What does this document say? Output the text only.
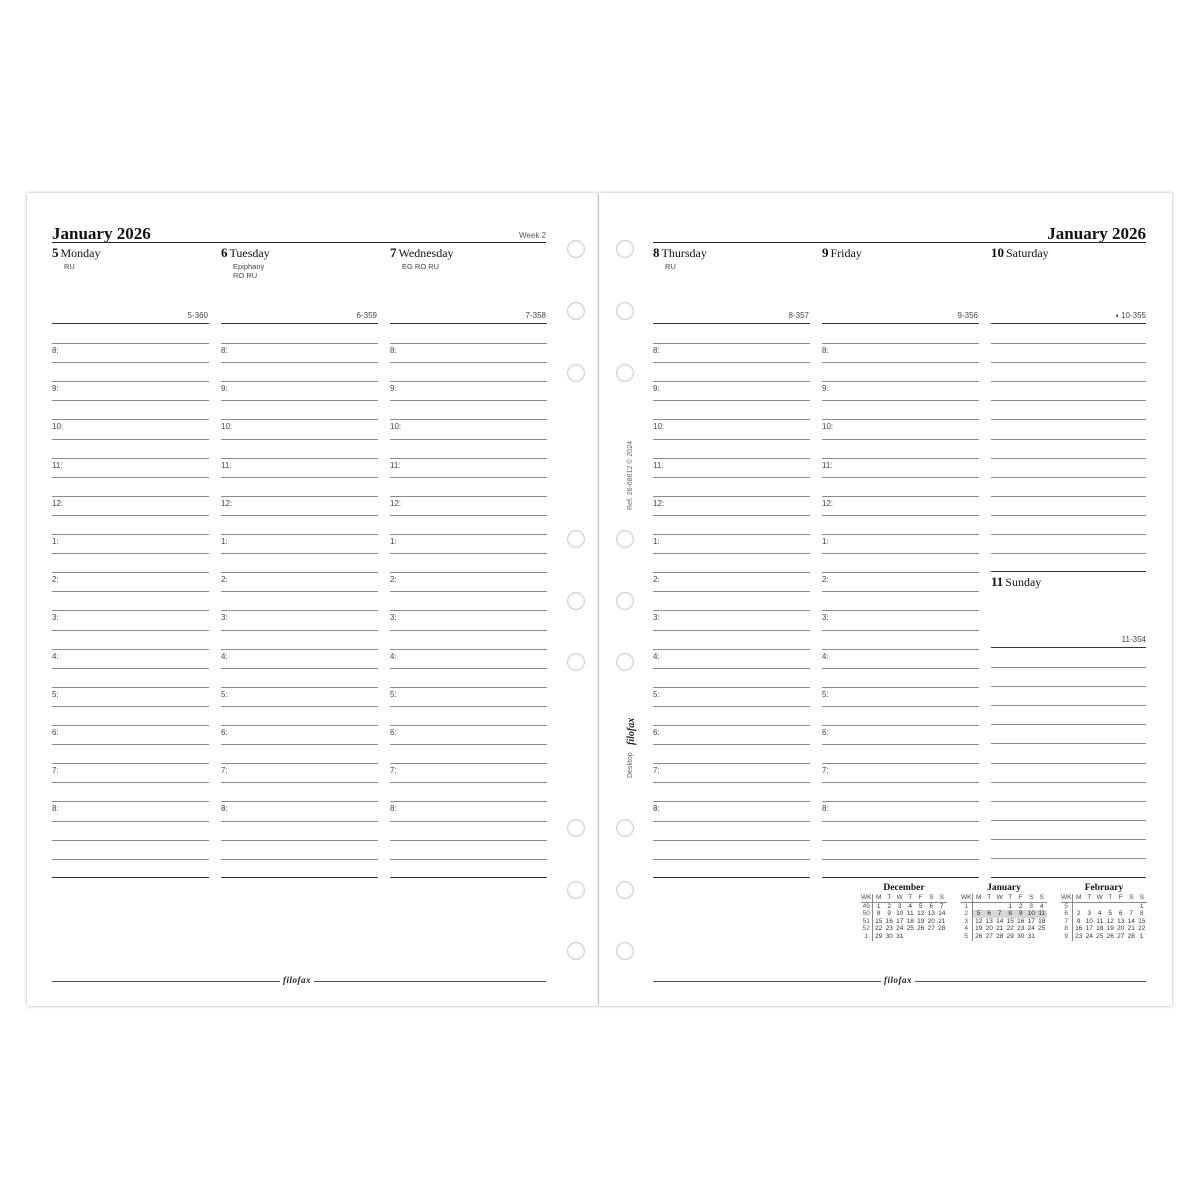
January 2026	Week 2	January 2026
5 Monday
RU
6 Tuesday
Epiphany
RO RU
7 Wednesday
EG RO RU
8 Thursday
RU
9 Friday	10 Saturday
11 Sunday
5-360	6-359	7-358	8-357	9-356	◑ 10-355
11-354
8:
9:
10:
11:
12:
1:
2:
3:
4:
5:
6:
7:
8:
8:
9:
10:
11:
12:
1:
2:
3:
4:
5:
6:
7:
8:
8:
9:
10:
11:
12:
1:
2:
3:
4:
5:
6:
7:
8:
8:
9:
10:
11:
12:
1:
2:
3:
4:
5:
6:
7:
8:
8:
9:
10:
11:
12:
1:
2:
3:
4:
5:
6:
7:
8:
Ref. 26-68612 © 2024
Desktop
filofax
December
WK	M	T	W	T	F	S	S
49	1	2	3	4	5	6	7
50	8	9	10	11	12	13	14
51	15	16	17	18	19	20	21
52	22	23	24	25	26	27	28
1	29	30	31				
January
WK	M	T	W	T	F	S	S
1				1	2	3	4
2	5	6	7	8	9	10	11
3	12	13	14	15	16	17	18
4	19	20	21	22	23	24	25
5	26	27	28	29	30	31	
February
WK	M	T	W	T	F	S	S
5							1
6	2	3	4	5	6	7	8
7	9	10	11	12	13	14	15
8	16	17	18	19	20	21	22
9	23	24	25	26	27	28	1
filofax	filofax
